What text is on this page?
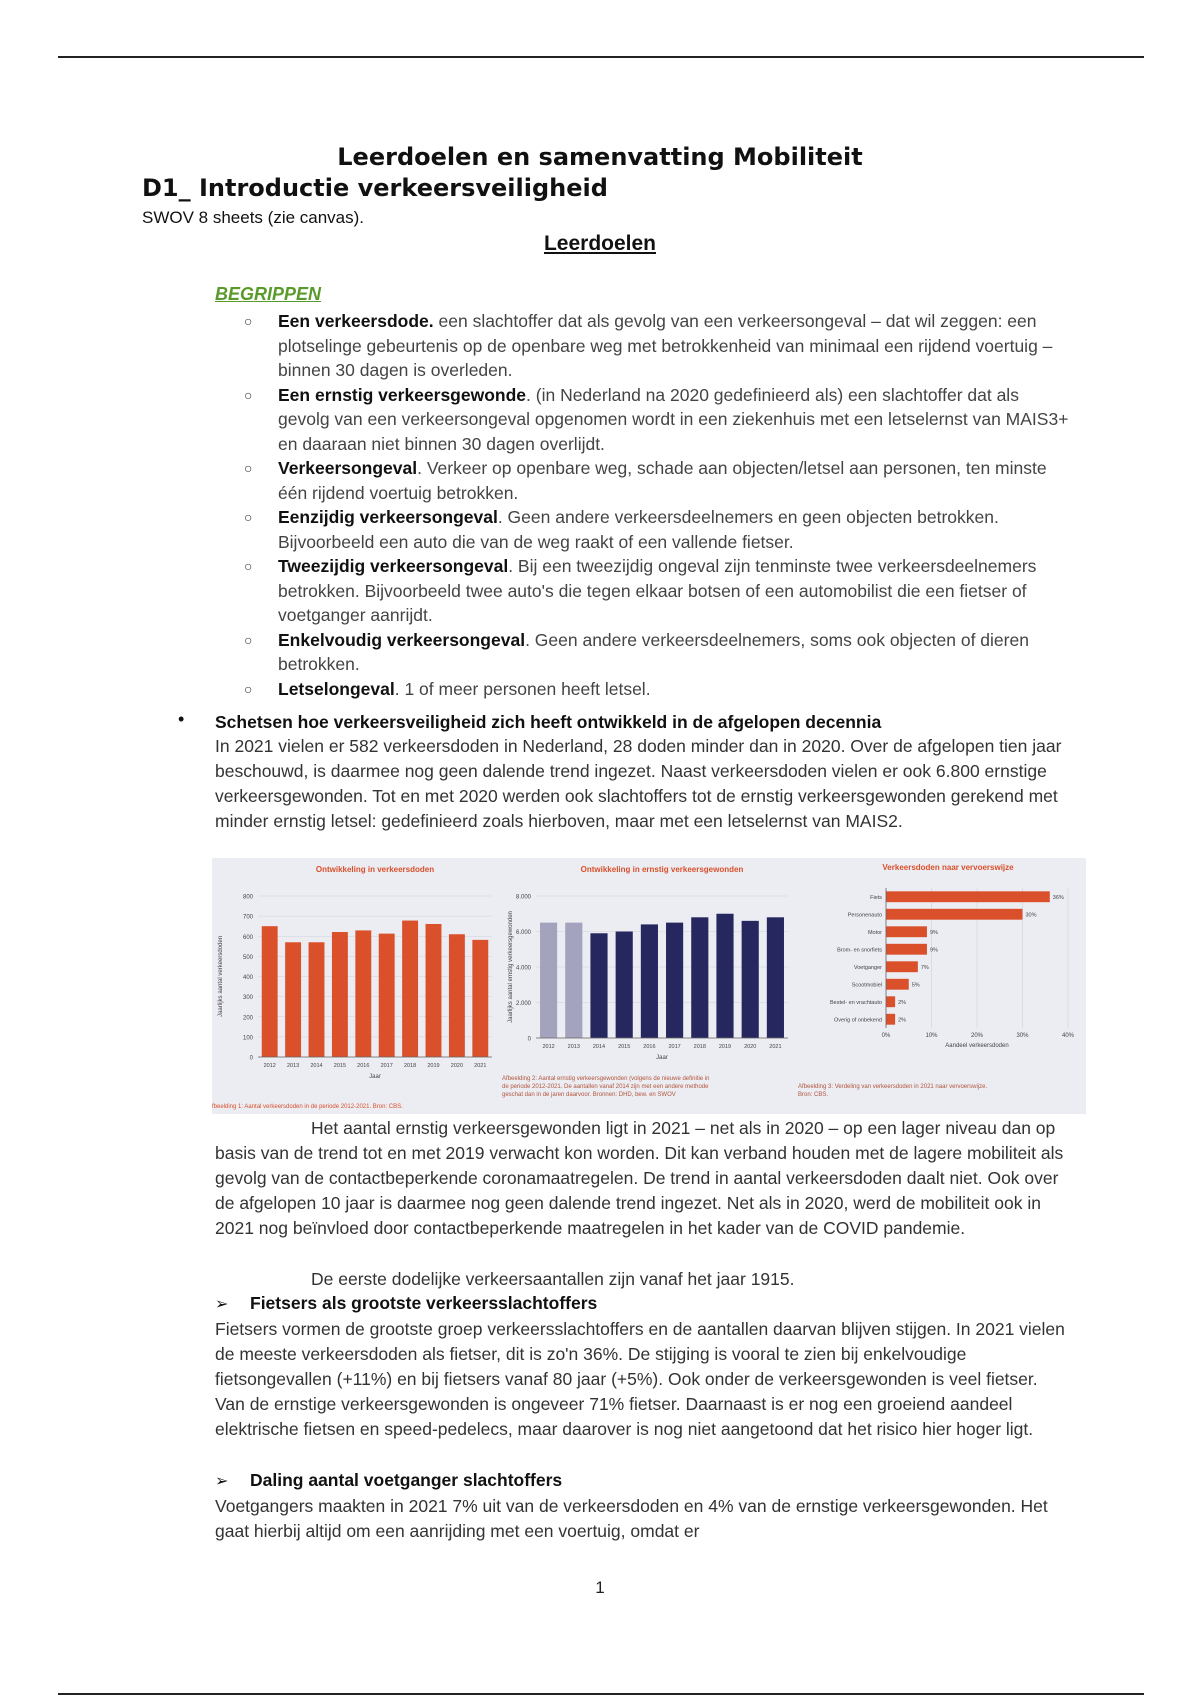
Leerdoelen en samenvatting Mobiliteit
D1_ Introductie verkeersveiligheid
SWOV 8 sheets (zie canvas).
Leerdoelen
BEGRIPPEN
○ Een verkeersdode. een slachtoffer dat als gevolg van een verkeersongeval – dat wil zeggen: een plotselinge gebeurtenis op de openbare weg met betrokkenheid van minimaal een rijdend voertuig – binnen 30 dagen is overleden.
○ Een ernstig verkeersgewonde. (in Nederland na 2020 gedefinieerd als) een slachtoffer dat als gevolg van een verkeersongeval opgenomen wordt in een ziekenhuis met een letselernst van MAIS3+ en daaraan niet binnen 30 dagen overlijdt.
○ Verkeersongeval. Verkeer op openbare weg, schade aan objecten/letsel aan personen, ten minste één rijdend voertuig betrokken.
○ Eenzijdig verkeersongeval. Geen andere verkeersdeelnemers en geen objecten betrokken. Bijvoorbeeld een auto die van de weg raakt of een vallende fietser.
○ Tweezijdig verkeersongeval. Bij een tweezijdig ongeval zijn tenminste twee verkeersdeelnemers betrokken. Bijvoorbeeld twee auto's die tegen elkaar botsen of een automobilist die een fietser of voetganger aanrijdt.
○ Enkelvoudig verkeersongeval. Geen andere verkeersdeelnemers, soms ook objecten of dieren betrokken.
○ Letselongeval. 1 of meer personen heeft letsel.
• Schetsen hoe verkeersveiligheid zich heeft ontwikkeld in de afgelopen decennia
In 2021 vielen er 582 verkeersdoden in Nederland, 28 doden minder dan in 2020. Over de afgelopen tien jaar beschouwd, is daarmee nog geen dalende trend ingezet. Naast verkeersdoden vielen er ook 6.800 ernstige verkeersgewonden. Tot en met 2020 werden ook slachtoffers tot de ernstig verkeersgewonden gerekend met minder ernstig letsel: gedefinieerd zoals hierboven, maar met een letselernst van MAIS2.
Ontwikkeling in verkeersdoden
0
100
200
300
400
500
600
700
800
Jaarlijks aantal verkeersdoden
2012 2013 2014 2015 2016 2017 2018 2019 2020 2021
Jaar
fbeelding 1: Aantal verkeersdoden in de periode 2012-2021. Bron: CBS.
Ontwikkeling in ernstig verkeersgewonden
0
2.000
4.000
6.000
8.000
Jaarlijks aantal ernstig verkeersgewonden
2012 2013 2014 2015 2016 2017 2018 2019 2020 2021
Jaar
Afbeelding 2: Aantal ernstig verkeersgewonden (volgens de nieuwe definitie in de periode 2012-2021. De aantallen vanaf 2014 zijn met een andere methode geschat dan in de jaren daarvoor. Bronnen: DHD, bew. en SWOV
Verkeersdoden naar vervoerswijze
0%	10%	20%	30%	40%
Fiets	36%
Personenauto	30%
Motor	9%
Brom- en snorfiets	9%
Voetganger	7%
Scootmobiel	5%
Bestel- en vrachtauto	2%
Overig of onbekend	2%
Aandeel verkeersdoden
Afbeelding 3: Verdeling van verkeersdoden in 2021 naar vervoerswijze. Bron: CBS.
Het aantal ernstig verkeersgewonden ligt in 2021 – net als in 2020 – op een lager niveau dan op basis van de trend tot en met 2019 verwacht kon worden. Dit kan verband houden met de lagere mobiliteit als gevolg van de contactbeperkende coronamaatregelen. De trend in aantal verkeersdoden daalt niet. Ook over de afgelopen 10 jaar is daarmee nog geen dalende trend ingezet. Net als in 2020, werd de mobiliteit ook in 2021 nog beïnvloed door contactbeperkende maatregelen in het kader van de COVID pandemie.
De eerste dodelijke verkeersaantallen zijn vanaf het jaar 1915.
➢ Fietsers als grootste verkeersslachtoffers
Fietsers vormen de grootste groep verkeersslachtoffers en de aantallen daarvan blijven stijgen. In 2021 vielen de meeste verkeersdoden als fietser, dit is zo'n 36%. De stijging is vooral te zien bij enkelvoudige fietsongevallen (+11%) en bij fietsers vanaf 80 jaar (+5%). Ook onder de verkeersgewonden is veel fietser. Van de ernstige verkeersgewonden is ongeveer 71% fietser. Daarnaast is er nog een groeiend aandeel elektrische fietsen en speed-pedelecs, maar daarover is nog niet aangetoond dat het risico hier hoger ligt.
➢ Daling aantal voetganger slachtoffers
Voetgangers maakten in 2021 7% uit van de verkeersdoden en 4% van de ernstige verkeersgewonden. Het gaat hierbij altijd om een aanrijding met een voertuig, omdat er
1
